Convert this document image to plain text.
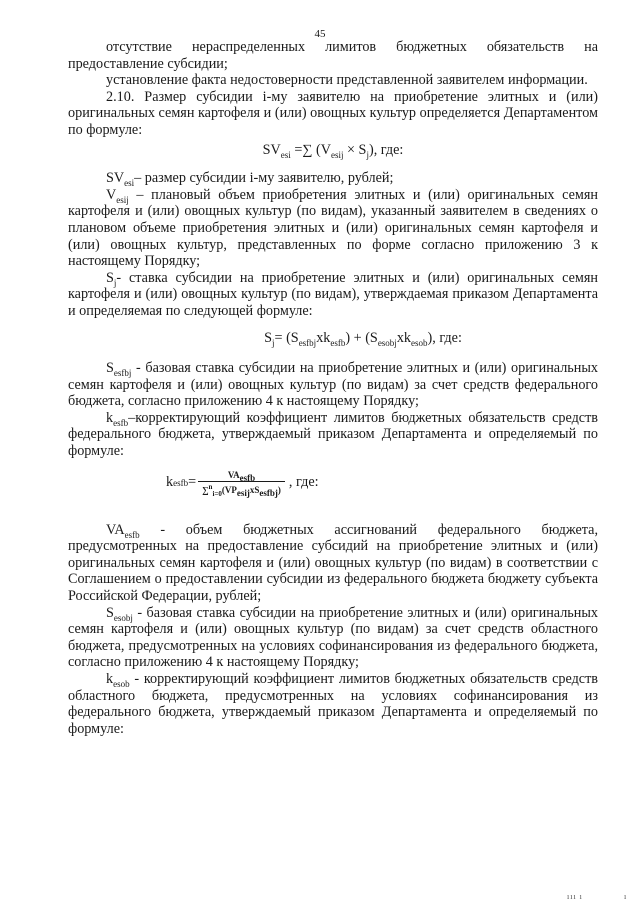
45

отсутствие нераспределенных лимитов бюджетных обязательств на предоставление субсидии;

установление факта недостоверности представленной заявителем информации.

2.10. Размер субсидии i-му заявителю на приобретение элитных и (или) оригинальных семян картофеля и (или) овощных культур определяется Департаментом по формуле:

$SV_{esi}$ =∑ $(V_{esij} \times S_j)$, где:

$SV_{esi}-$ размер субсидии i-му заявителю, рублей;

$V_{esij}$ – плановый объем приобретения элитных и (или) оригинальных семян картофеля и (или) овощных культур (по видам), указанный заявителем в сведениях о плановом объеме приобретения элитных и (или) оригинальных семян картофеля и (или) овощных культур, представленных по форме согласно приложению 3 к настоящему Порядку;

$S_j-$ ставка субсидии на приобретение элитных и (или) оригинальных семян картофеля и (или) овощных культур (по видам), утверждаемая приказом Департамента и определяемая по следующей формуле:

$S_j= (S_{esfbj}xk_{esfb}) + (S_{esobj}xk_{esob})$, где:

$S_{esfbj}$ - базовая ставка субсидии на приобретение элитных и (или) оригинальных семян картофеля и (или) овощных культур (по видам) за счет средств федерального бюджета, согласно приложению 4 к настоящему Порядку;

$k_{esfb}$–корректирующий коэффициент лимитов бюджетных обязательств средств федерального бюджета, утверждаемый приказом Департамента и определяемый по формуле:

k esfb = $\frac{VA_{esfb}}{\sum^n_{i=0}(VP_{esij}xS_{esfbj})}$ , где:

$VA_{esfb}$ - объем бюджетных ассигнований федерального бюджета, предусмотренных на предоставление субсидий на приобретение элитных и (или) оригинальных семян картофеля и (или) овощных культур (по видам) в соответствии с Соглашением о предоставлении субсидии из федерального бюджета бюджету субъекта Российской Федерации, рублей;

$S_{esobj}$ - базовая ставка субсидии на приобретение элитных и (или) оригинальных семян картофеля и (или) овощных культур (по видам) за счет средств областного бюджета, предусмотренных на условиях софинансирования из федерального бюджета, согласно приложению 4 к настоящему Порядку;

$k_{esob}$ - корректирующий коэффициент лимитов бюджетных обязательств средств областного бюджета, предусмотренных на условиях софинансирования из федерального бюджета, утверждаемый приказом Департамента и определяемый по формуле:

ııı ı	ı
